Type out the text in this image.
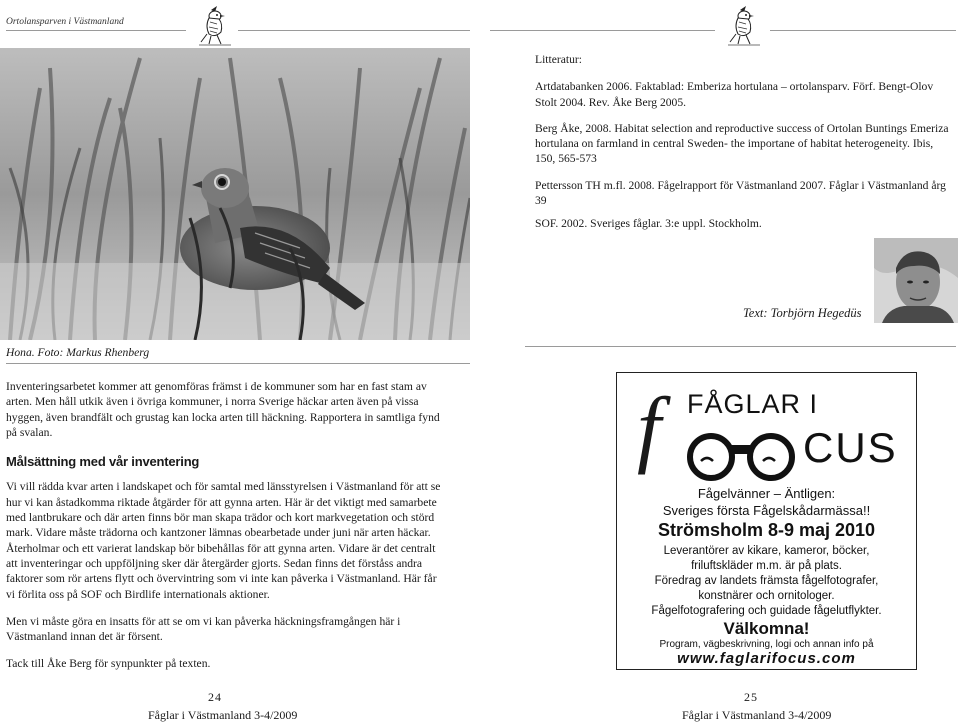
Ortolansparven i Västmanland
Hona. Foto: Markus Rhenberg

Inventeringsarbetet kommer att genomföras främst i de kommuner som har en fast stam av arten. Men håll utkik även i övriga kommuner, i norra Sverige häckar arten även på vissa hyggen, även brandfält och grustag kan locka arten till häckning. Rapportera in samtliga fynd på svalan.

Målsättning med vår inventering

Vi vill rädda kvar arten i landskapet och för samtal med länsstyrelsen i Västmanland för att se hur vi kan åstadkomma riktade åtgärder för att gynna arten. Här är det viktigt med samarbete med lantbrukare och där arten finns bör man skapa trädor och kort markvegetation och störd mark. Vidare måste trädorna och kantzoner lämnas obearbetade under juni när arten häckar. Återholmar och ett varierat landskap bör bibehållas för att gynna arten. Vidare är det centralt att inventeringar och uppföljning sker där återgärder gjorts. Sedan finns det förståss andra faktorer som rör artens flytt och övervintring som vi inte kan påverka i Västmanland. Här får vi förlita oss på SOF och Birdlife internationals aktioner.

Men vi måste göra en insatts för att se om vi kan påverka häckningsframgången här i Västmanland innan det är försent.

Tack till Åke Berg för synpunkter på texten.

24
Fåglar i Västmanland 3-4/2009

Litteratur:

Artdatabanken 2006. Faktablad: Emberiza hortulana – ortolansparv. Förf. Bengt-Olov Stolt 2004. Rev. Åke Berg 2005.

Berg Åke, 2008. Habitat selection and reproductive success of Ortolan Buntings Emeriza hortulana on farmland in central Sweden- the importane of habitat heterogeneity. Ibis, 150, 565-573

Pettersson TH m.fl. 2008. Fågelrapport för Västmanland 2007. Fåglar i Västmanland årg 39

SOF. 2002. Sveriges fåglar. 3:e uppl. Stockholm.

Text: Torbjörn Hegedüs
FÅGLAR I
f	CUS
Fågelvänner – Äntligen:
Sveriges första Fågelskådarmässa!!
Strömsholm 8-9 maj 2010
Leverantörer av kikare, kameror, böcker,
friluftskläder m.m. är på plats.
Föredrag av landets främsta fågelfotografer,
konstnärer och ornitologer.
Fågelfotografering och guidade fågelutflykter.
Välkomna!
Program, vägbeskrivning, logi och annan info på
www.faglarifocus.com
25
Fåglar i Västmanland 3-4/2009
